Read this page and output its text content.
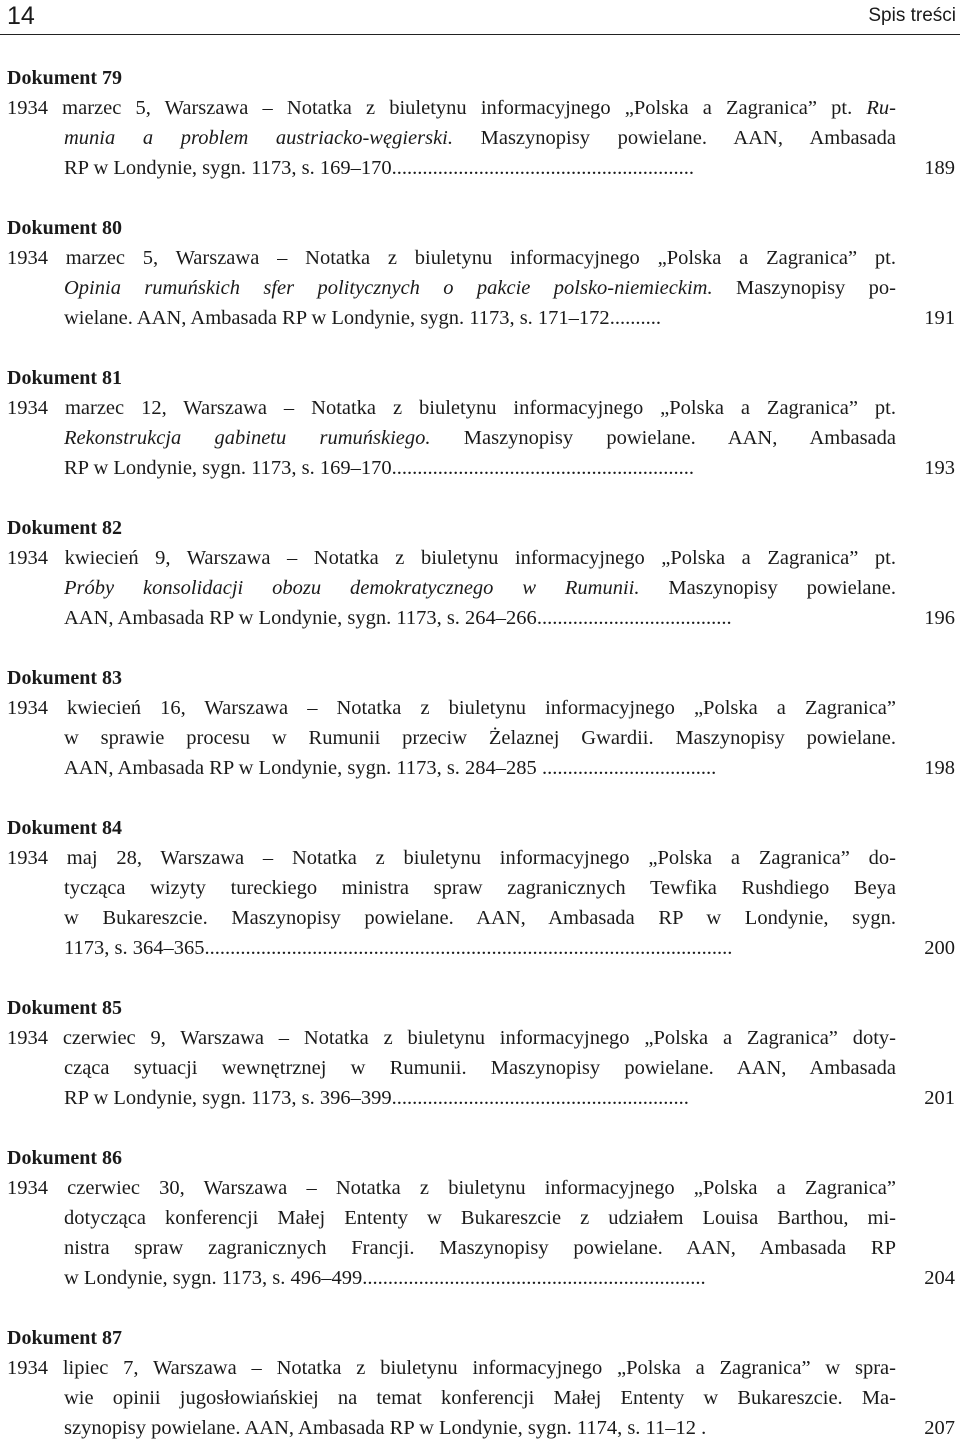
14	Spis treści
Dokument 79
1934 marzec 5, Warszawa – Notatka z biuletynu informacyjnego „Polska a Zagranica” pt. Ru-
munia a problem austriacko-węgierski. Maszynopisy powielane. AAN, Ambasada
RP w Londynie, sygn. 1173, s. 169–170...........................................................	189
Dokument 80
1934 marzec 5, Warszawa – Notatka z biuletynu informacyjnego „Polska a Zagranica” pt.
Opinia rumuńskich sfer politycznych o pakcie polsko-niemieckim. Maszynopisy po-
wielane. AAN, Ambasada RP w Londynie, sygn. 1173, s. 171–172..........	191
Dokument 81
1934 marzec 12, Warszawa – Notatka z biuletynu informacyjnego „Polska a Zagranica” pt.
Rekonstrukcja gabinetu rumuńskiego. Maszynopisy powielane. AAN, Ambasada
RP w Londynie, sygn. 1173, s. 169–170...........................................................	193
Dokument 82
1934 kwiecień 9, Warszawa – Notatka z biuletynu informacyjnego „Polska a Zagranica” pt.
Próby konsolidacji obozu demokratycznego w Rumunii. Maszynopisy powielane.
AAN, Ambasada RP w Londynie, sygn. 1173, s. 264–266......................................	196
Dokument 83
1934 kwiecień 16, Warszawa – Notatka z biuletynu informacyjnego „Polska a Zagranica”
w sprawie procesu w Rumunii przeciw Żelaznej Gwardii. Maszynopisy powielane.
AAN, Ambasada RP w Londynie, sygn. 1173, s. 284–285 ..................................	198
Dokument 84
1934 maj 28, Warszawa – Notatka z biuletynu informacyjnego „Polska a Zagranica” do-
tycząca wizyty tureckiego ministra spraw zagranicznych Tewfika Rushdiego Beya
w Bukareszcie. Maszynopisy powielane. AAN, Ambasada RP w Londynie, sygn.
1173, s. 364–365.......................................................................................................	200
Dokument 85
1934 czerwiec 9, Warszawa – Notatka z biuletynu informacyjnego „Polska a Zagranica” doty-
cząca sytuacji wewnętrznej w Rumunii. Maszynopisy powielane. AAN, Ambasada
RP w Londynie, sygn. 1173, s. 396–399..........................................................	201
Dokument 86
1934 czerwiec 30, Warszawa – Notatka z biuletynu informacyjnego „Polska a Zagranica”
dotycząca konferencji Małej Ententy w Bukareszcie z udziałem Louisa Barthou, mi-
nistra spraw zagranicznych Francji. Maszynopisy powielane. AAN, Ambasada RP
w Londynie, sygn. 1173, s. 496–499...................................................................	204
Dokument 87
1934 lipiec 7, Warszawa – Notatka z biuletynu informacyjnego „Polska a Zagranica” w spra-
wie opinii jugosłowiańskiej na temat konferencji Małej Ententy w Bukareszcie. Ma-
szynopisy powielane. AAN, Ambasada RP w Londynie, sygn. 1174, s. 11–12 .	207
